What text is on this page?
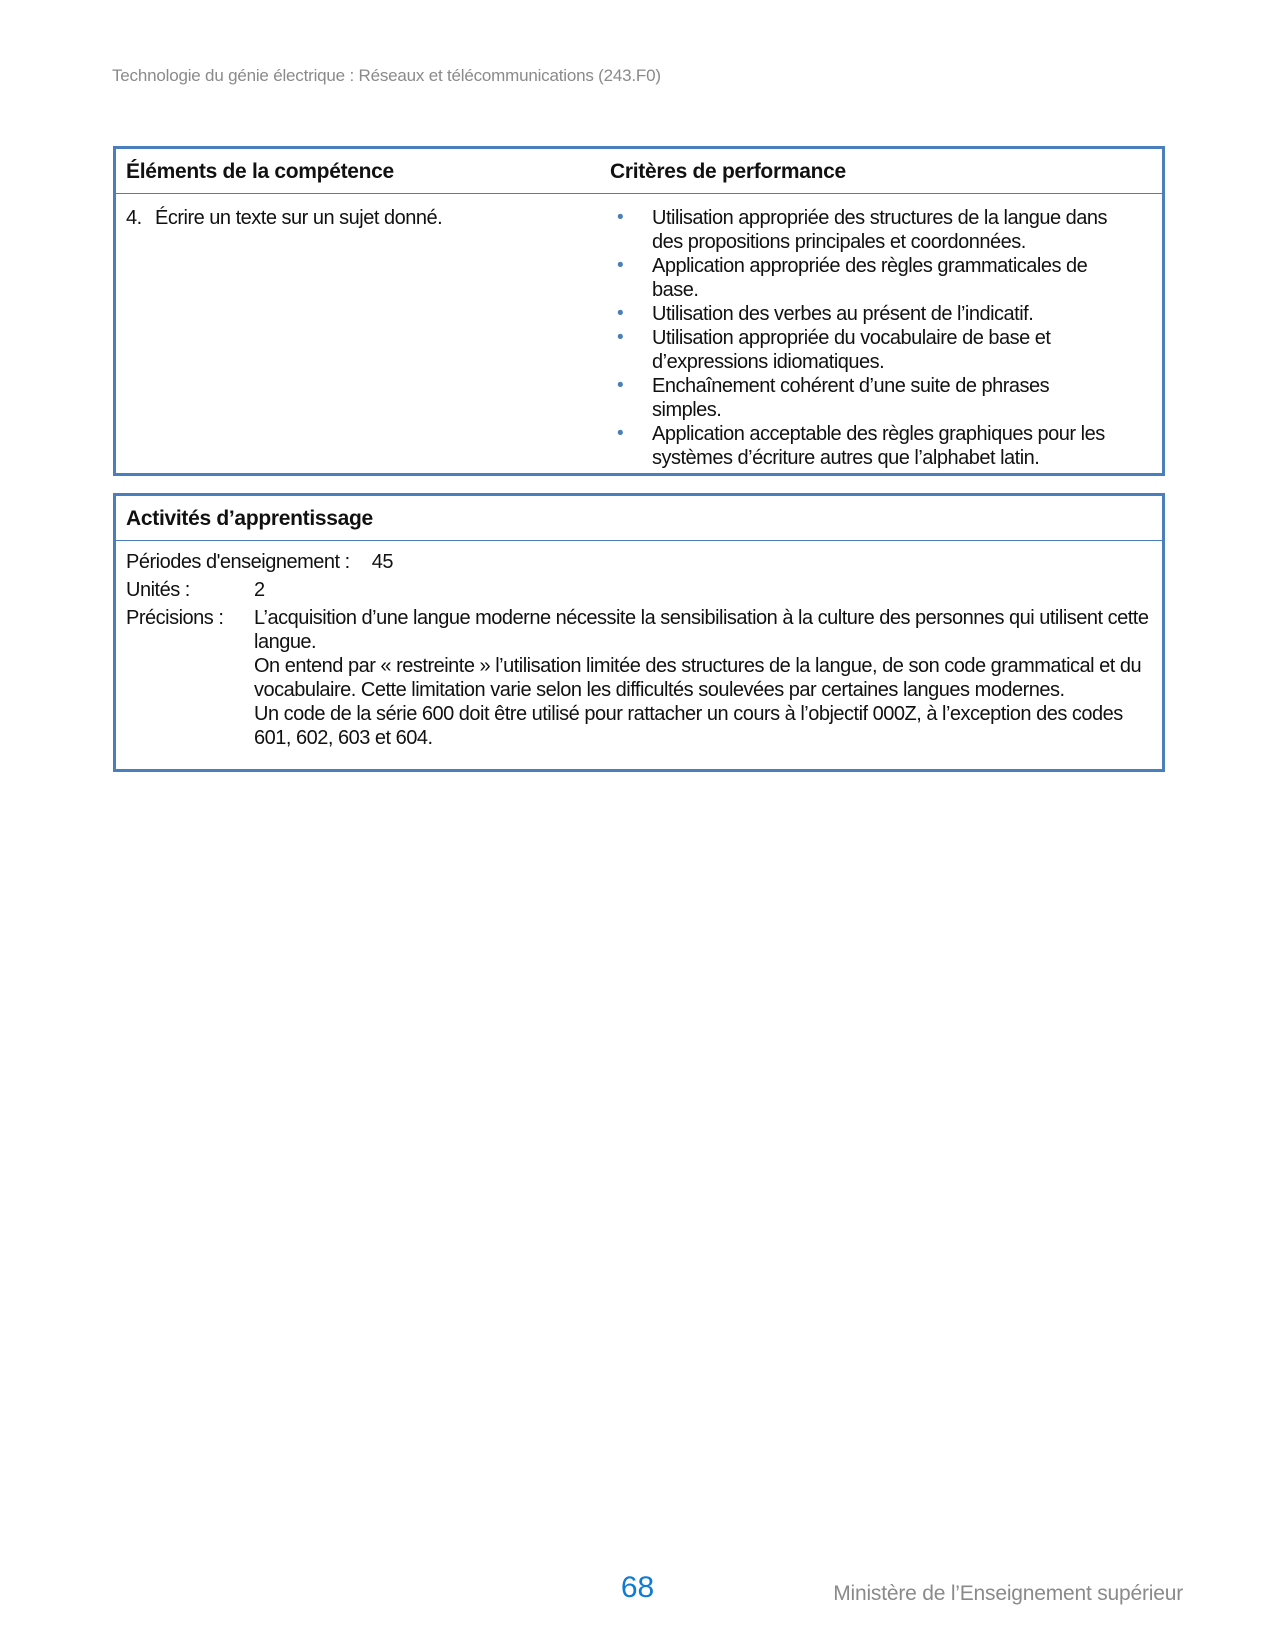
Technologie du génie électrique : Réseaux et télécommunications (243.F0)
Éléments de la compétence	Critères de performance
4. Écrire un texte sur un sujet donné.	•	Utilisation appropriée des structures de la langue dans des propositions principales et coordonnées.
•	Application appropriée des règles grammaticales de base.
•	Utilisation des verbes au présent de l’indicatif.
•	Utilisation appropriée du vocabulaire de base et d’expressions idiomatiques.
•	Enchaînement cohérent d’une suite de phrases simples.
•	Application acceptable des règles graphiques pour les systèmes d’écriture autres que l’alphabet latin.
Activités d’apprentissage
Périodes d'enseignement : 45
Unités :	2
Précisions :	L’acquisition d’une langue moderne nécessite la sensibilisation à la culture des personnes qui utilisent cette langue.

On entend par « restreinte » l’utilisation limitée des structures de la langue, de son code grammatical et du vocabulaire. Cette limitation varie selon les difficultés soulevées par certaines langues modernes.

Un code de la série 600 doit être utilisé pour rattacher un cours à l’objectif 000Z, à l’exception des codes 601, 602, 603 et 604.

68	Ministère de l’Enseignement supérieur
